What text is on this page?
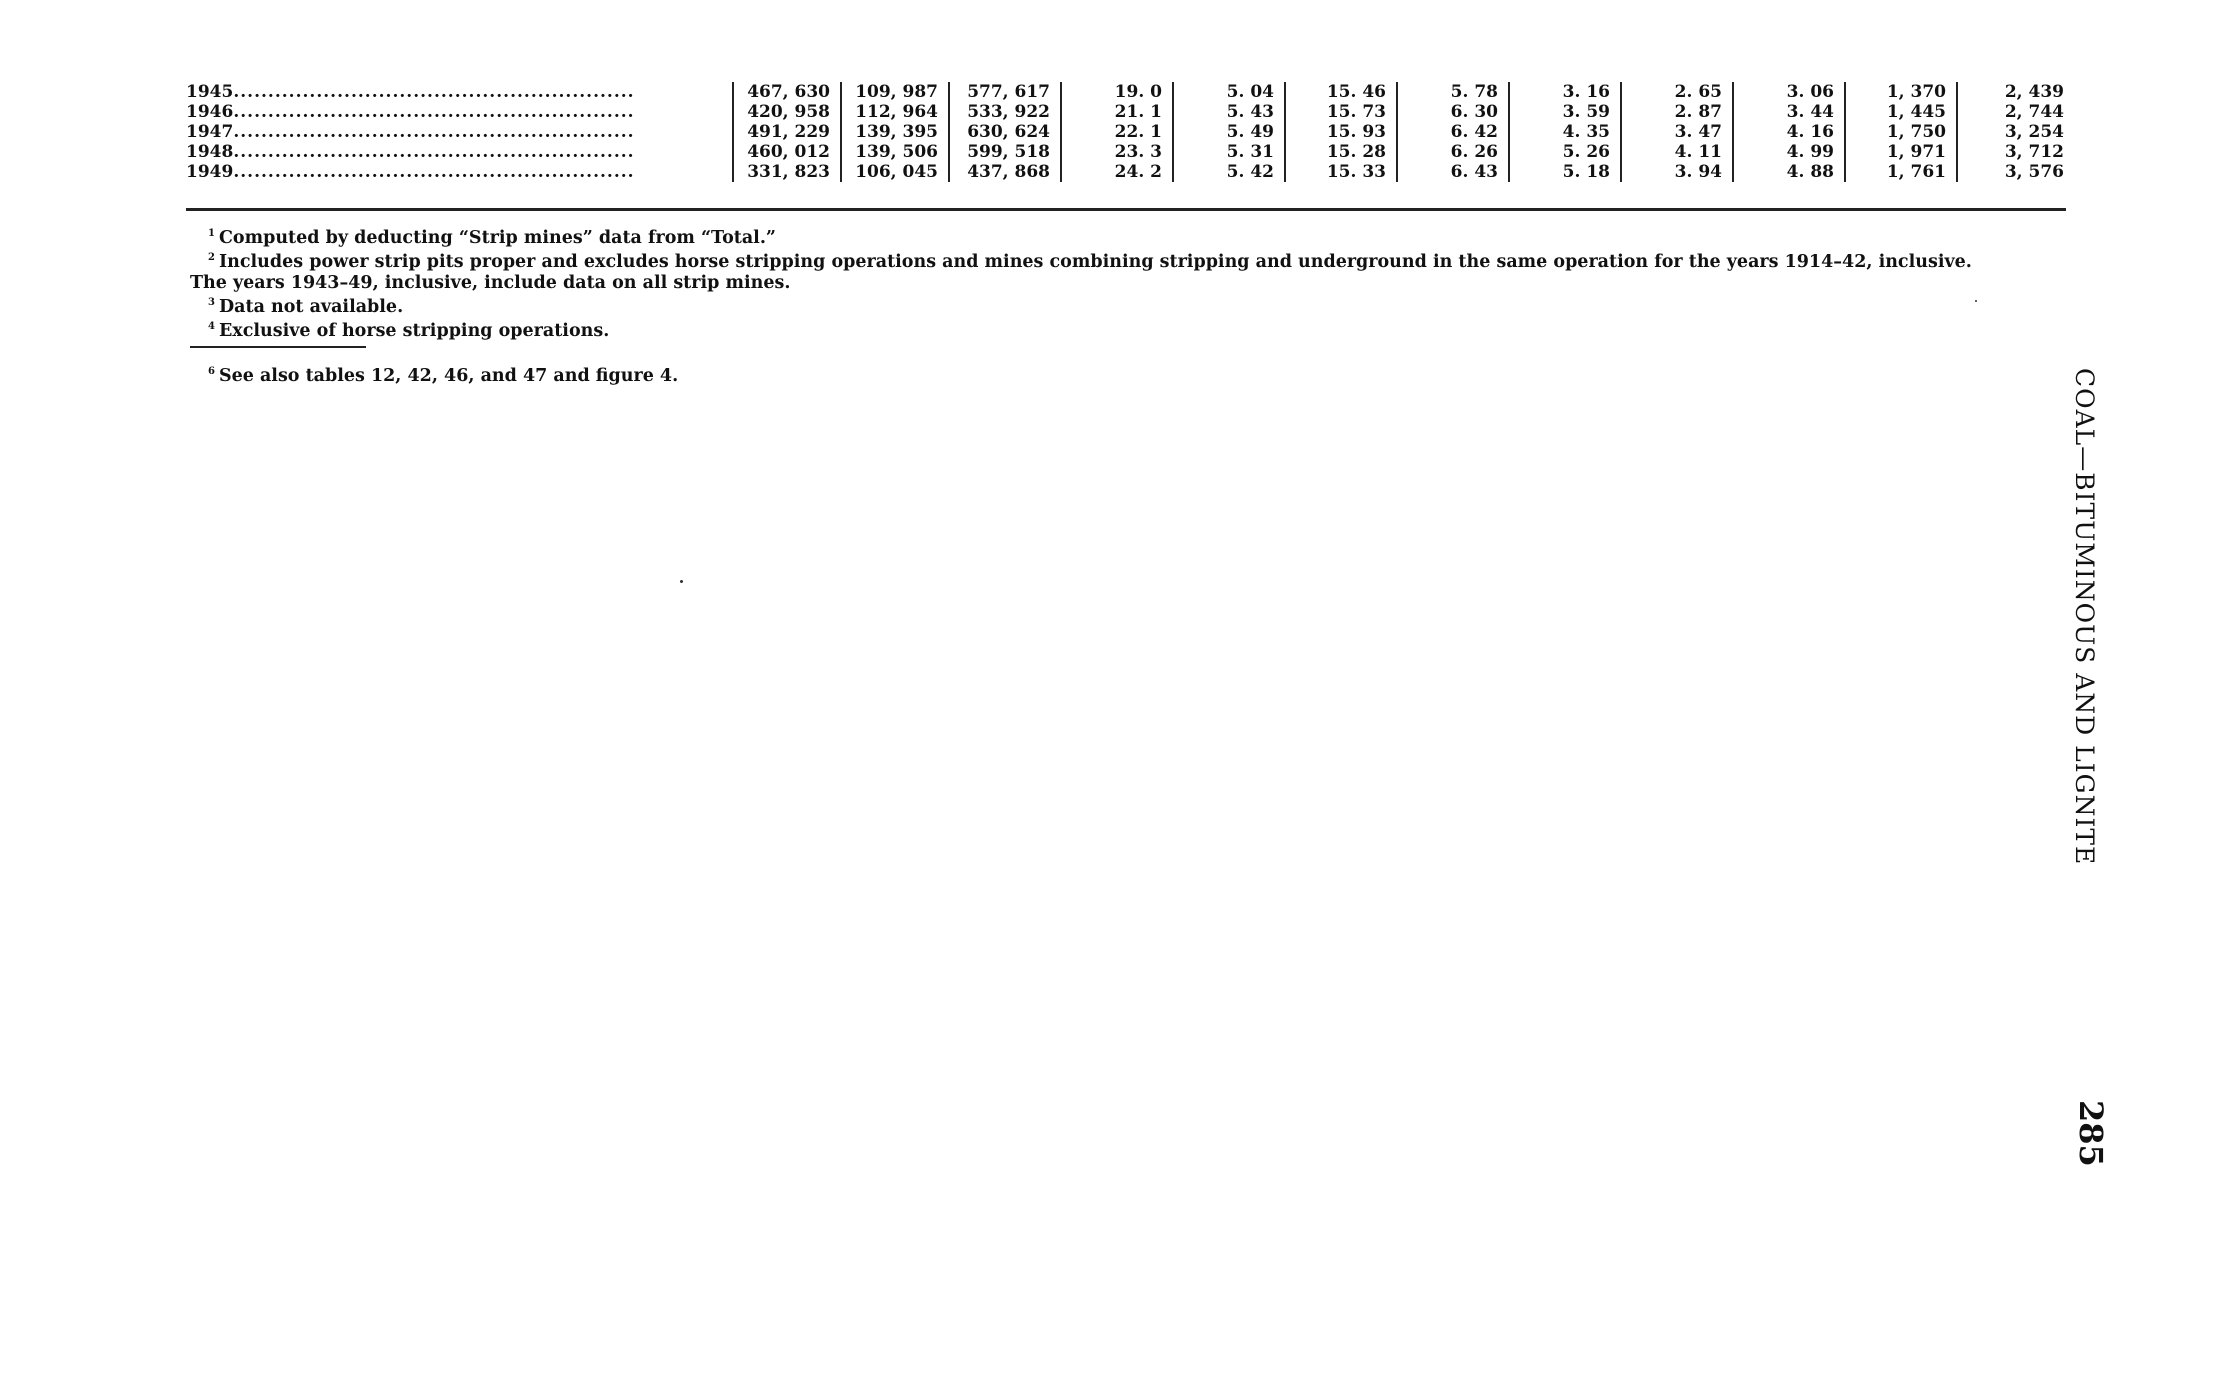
1945..........................................................	467, 630	109, 987	577, 617	19. 0	5. 04	15. 46	5. 78	3. 16	2. 65	3. 06	1, 370	2, 439
1946..........................................................	420, 958	112, 964	533, 922	21. 1	5. 43	15. 73	6. 30	3. 59	2. 87	3. 44	1, 445	2, 744
1947..........................................................	491, 229	139, 395	630, 624	22. 1	5. 49	15. 93	6. 42	4. 35	3. 47	4. 16	1, 750	3, 254
1948..........................................................	460, 012	139, 506	599, 518	23. 3	5. 31	15. 28	6. 26	5. 26	4. 11	4. 99	1, 971	3, 712
1949..........................................................	331, 823	106, 045	437, 868	24. 2	5. 42	15. 33	6. 43	5. 18	3. 94	4. 88	1, 761	3, 576

$^1$ Computed by deducting “Strip mines” data from “Total.”

$^2$ Includes power strip pits proper and excludes horse stripping operations and mines combining stripping and underground in the same operation for the years 1914–42, inclusive.

The years 1943–49, inclusive, include data on all strip mines.

$^3$ Data not available.

$^4$ Exclusive of horse stripping operations.

$^6$ See also tables 12, 42, 46, and 47 and figure 4.	COAL—BITUMINOUS AND LIGNITE
285
